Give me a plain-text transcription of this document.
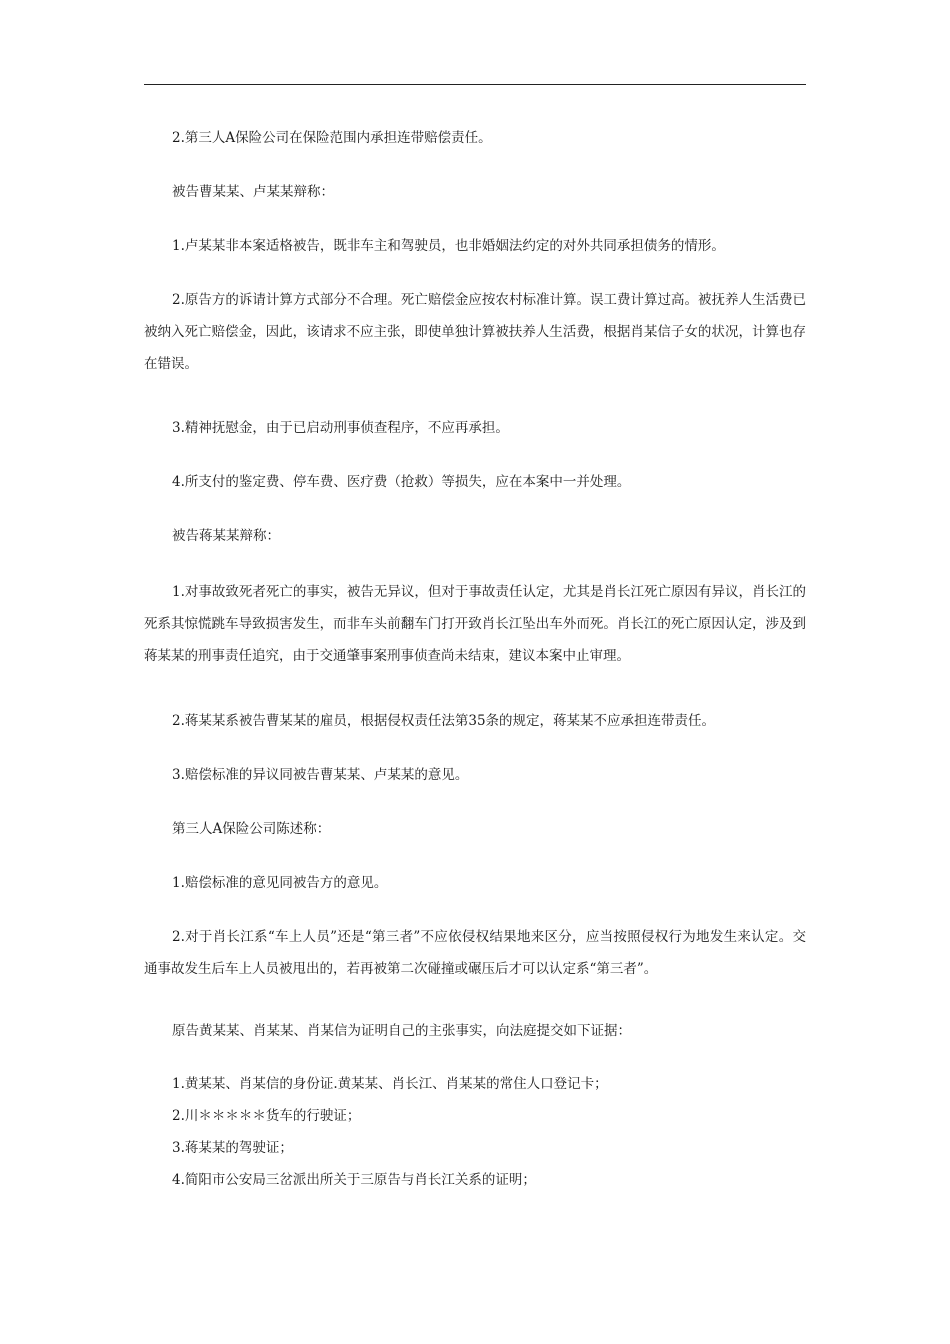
2.第三人A保险公司在保险范围内承担连带赔偿责任。

被告曹某某、卢某某辩称：

1.卢某某非本案适格被告，既非车主和驾驶员，也非婚姻法约定的对外共同承担债务的情形。

2.原告方的诉请计算方式部分不合理。死亡赔偿金应按农村标准计算。误工费计算过高。被抚养人生活费已被纳入死亡赔偿金，因此，该请求不应主张，即使单独计算被扶养人生活费，根据肖某信子女的状况，计算也存在错误。

3.精神抚慰金，由于已启动刑事侦查程序，不应再承担。

4.所支付的鉴定费、停车费、医疗费（抢救）等损失，应在本案中一并处理。

被告蒋某某辩称：

1.对事故致死者死亡的事实，被告无异议，但对于事故责任认定，尤其是肖长江死亡原因有异议，肖长江的死系其惊慌跳车导致损害发生，而非车头前翻车门打开致肖长江坠出车外而死。肖长江的死亡原因认定，涉及到蒋某某的刑事责任追究，由于交通肇事案刑事侦查尚未结束，建议本案中止审理。

2.蒋某某系被告曹某某的雇员，根据侵权责任法第35条的规定，蒋某某不应承担连带责任。

3.赔偿标准的异议同被告曹某某、卢某某的意见。

第三人A保险公司陈述称：

1.赔偿标准的意见同被告方的意见。

2.对于肖长江系“车上人员”还是“第三者”不应依侵权结果地来区分，应当按照侵权行为地发生来认定。交通事故发生后车上人员被甩出的，若再被第二次碰撞或碾压后才可以认定系“第三者”。

原告黄某某、肖某某、肖某信为证明自己的主张事实，向法庭提交如下证据：

1.黄某某、肖某信的身份证.黄某某、肖长江、肖某某的常住人口登记卡；

2.川＊＊＊＊＊货车的行驶证；

3.蒋某某的驾驶证；

4.简阳市公安局三岔派出所关于三原告与肖长江关系的证明；
